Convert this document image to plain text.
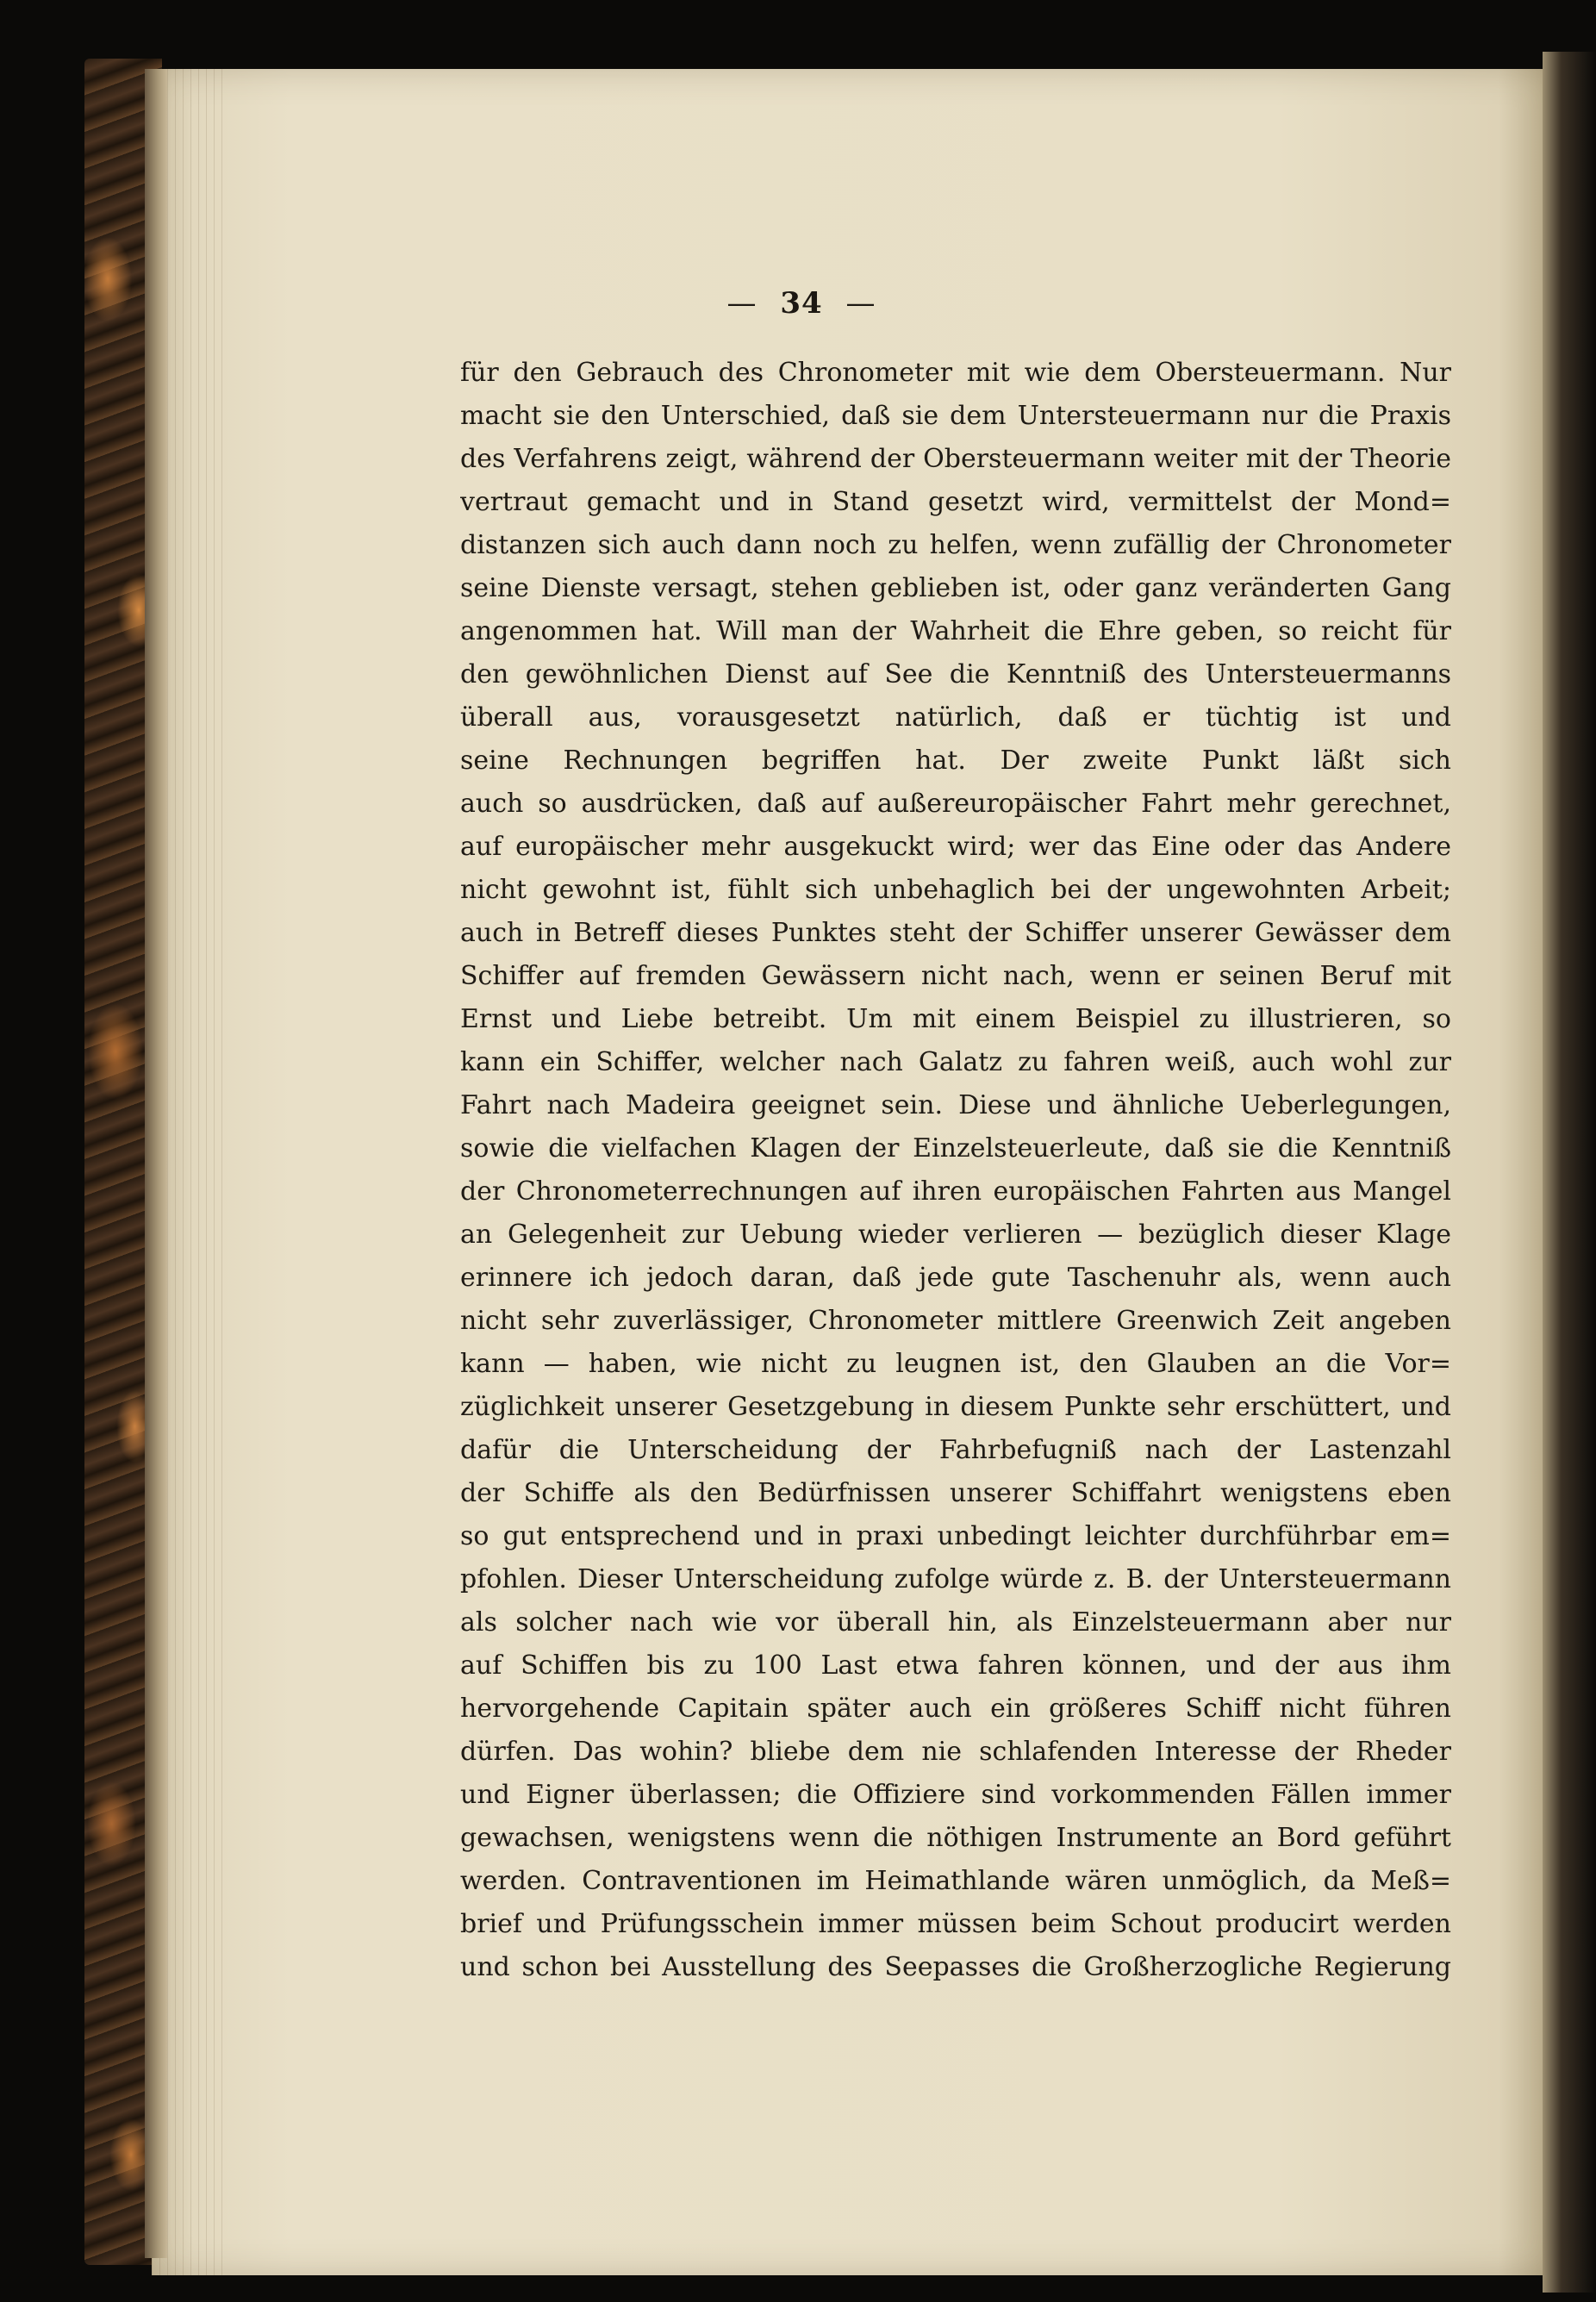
— 34 —
für den Gebrauch des Chronometer mit wie dem Obersteuermann. Nur
macht sie den Unterschied, daß sie dem Untersteuermann nur die Praxis
des Verfahrens zeigt, während der Obersteuermann weiter mit der Theorie
vertraut gemacht und in Stand gesetzt wird, vermittelst der Mond=
distanzen sich auch dann noch zu helfen, wenn zufällig der Chronometer
seine Dienste versagt, stehen geblieben ist, oder ganz veränderten Gang
angenommen hat. Will man der Wahrheit die Ehre geben, so reicht für
den gewöhnlichen Dienst auf See die Kenntniß des Untersteuermanns
überall aus, vorausgesetzt natürlich, daß er tüchtig ist und
seine Rechnungen begriffen hat. Der zweite Punkt läßt sich
auch so ausdrücken, daß auf außereuropäischer Fahrt mehr gerechnet,
auf europäischer mehr ausgekuckt wird; wer das Eine oder das Andere
nicht gewohnt ist, fühlt sich unbehaglich bei der ungewohnten Arbeit;
auch in Betreff dieses Punktes steht der Schiffer unserer Gewässer dem
Schiffer auf fremden Gewässern nicht nach, wenn er seinen Beruf mit
Ernst und Liebe betreibt. Um mit einem Beispiel zu illustrieren, so
kann ein Schiffer, welcher nach Galatz zu fahren weiß, auch wohl zur
Fahrt nach Madeira geeignet sein. Diese und ähnliche Ueberlegungen,
sowie die vielfachen Klagen der Einzelsteuerleute, daß sie die Kenntniß
der Chronometerrechnungen auf ihren europäischen Fahrten aus Mangel
an Gelegenheit zur Uebung wieder verlieren — bezüglich dieser Klage
erinnere ich jedoch daran, daß jede gute Taschenuhr als, wenn auch
nicht sehr zuverlässiger, Chronometer mittlere Greenwich Zeit angeben
kann — haben, wie nicht zu leugnen ist, den Glauben an die Vor=
züglichkeit unserer Gesetzgebung in diesem Punkte sehr erschüttert, und
dafür die Unterscheidung der Fahrbefugniß nach der Lastenzahl
der Schiffe als den Bedürfnissen unserer Schiffahrt wenigstens eben
so gut entsprechend und in praxi unbedingt leichter durchführbar em=
pfohlen. Dieser Unterscheidung zufolge würde z. B. der Untersteuermann
als solcher nach wie vor überall hin, als Einzelsteuermann aber nur
auf Schiffen bis zu 100 Last etwa fahren können, und der aus ihm
hervorgehende Capitain später auch ein größeres Schiff nicht führen
dürfen. Das wohin? bliebe dem nie schlafenden Interesse der Rheder
und Eigner überlassen; die Offiziere sind vorkommenden Fällen immer
gewachsen, wenigstens wenn die nöthigen Instrumente an Bord geführt
werden. Contraventionen im Heimathlande wären unmöglich, da Meß=
brief und Prüfungsschein immer müssen beim Schout producirt werden
und schon bei Ausstellung des Seepasses die Großherzogliche Regierung
